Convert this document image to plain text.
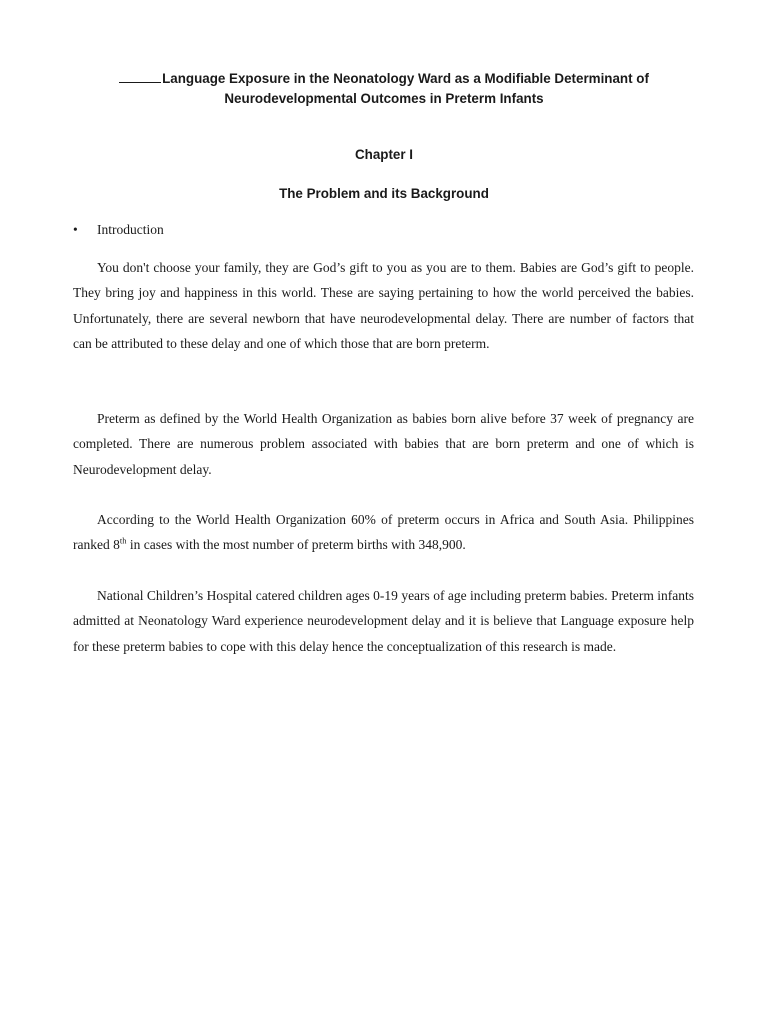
Language Exposure in the Neonatology Ward as a Modifiable Determinant of
Neurodevelopmental Outcomes in Preterm Infants
Chapter I
The Problem and its Background
• Introduction

You don't choose your family, they are God’s gift to you as you are to them. Babies are God’s gift to people. They bring joy and happiness in this world. These are saying pertaining to how the world perceived the babies. Unfortunately, there are several newborn that have neurodevelopmental delay. There are number of factors that can be attributed to these delay and one of which those that are born preterm.

Preterm as defined by the World Health Organization as babies born alive before 37 week of pregnancy are completed. There are numerous problem associated with babies that are born preterm and one of which is Neurodevelopment delay.

According to the World Health Organization 60% of preterm occurs in Africa and South Asia. Philippines ranked 8th in cases with the most number of preterm births with 348,900.

National Children’s Hospital catered children ages 0-19 years of age including preterm babies. Preterm infants admitted at Neonatology Ward experience neurodevelopment delay and it is believe that Language exposure help for these preterm babies to cope with this delay hence the conceptualization of this research is made.
